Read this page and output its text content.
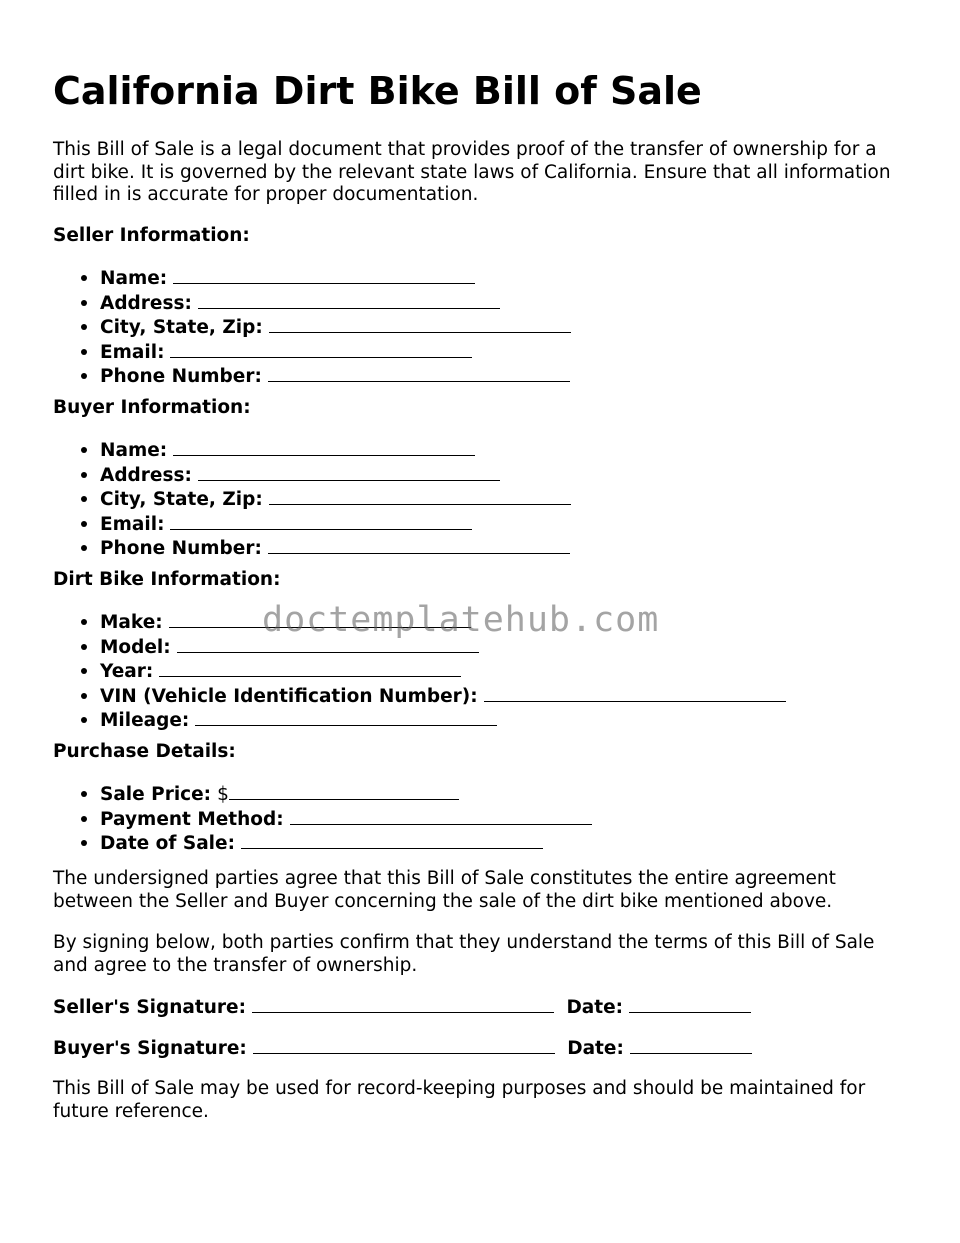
California Dirt Bike Bill of Sale

This Bill of Sale is a legal document that provides proof of the transfer of ownership for a dirt bike. It is governed by the relevant state laws of California. Ensure that all information filled in is accurate for proper documentation.

Seller Information:

Name:
Address:
City, State, Zip:
Email:
Phone Number:

Buyer Information:

Name:
Address:
City, State, Zip:
Email:
Phone Number:

Dirt Bike Information:

Make:
Model:
Year:
VIN (Vehicle Identification Number):
Mileage:

Purchase Details:

Sale Price: $
Payment Method:
Date of Sale:

The undersigned parties agree that this Bill of Sale constitutes the entire agreement between the Seller and Buyer concerning the sale of the dirt bike mentioned above.

By signing below, both parties confirm that they understand the terms of this Bill of Sale and agree to the transfer of ownership.

Seller's Signature:	Date:
Buyer's Signature:	Date:

This Bill of Sale may be used for record-keeping purposes and should be maintained for future reference.

doctemplatehub.com
